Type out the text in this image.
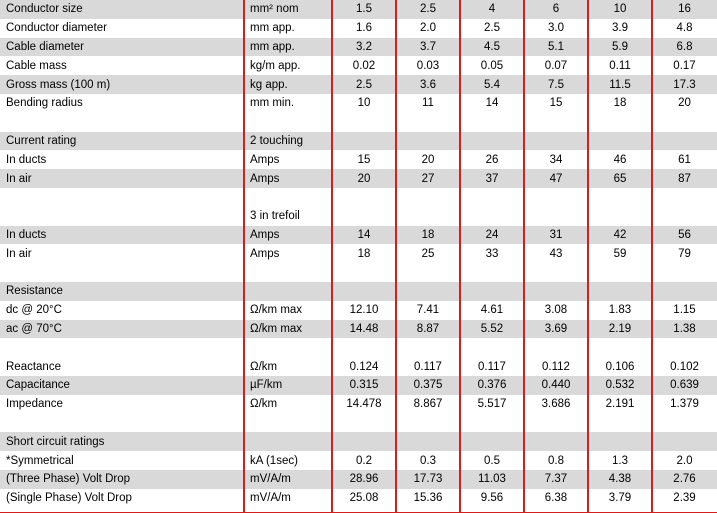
Conductor size	mm² nom	1.5	2.5	4	6	10	16
Conductor diameter	mm app.	1.6	2.0	2.5	3.0	3.9	4.8
Cable diameter	mm app.	3.2	3.7	4.5	5.1	5.9	6.8
Cable mass	kg/m app.	0.02	0.03	0.05	0.07	0.11	0.17
Gross mass (100 m)	kg app.	2.5	3.6	5.4	7.5	11.5	17.3
Bending radius	mm min.	10	11	14	15	18	20

Current rating	2 touching						
In ducts	Amps	15	20	26	34	46	61
In air	Amps	20	27	37	47	65	87

	3 in trefoil						
In ducts	Amps	14	18	24	31	42	56
In air	Amps	18	25	33	43	59	79

Resistance							
dc @ 20°C	Ω/km max	12.10	7.41	4.61	3.08	1.83	1.15
ac @ 70°C	Ω/km max	14.48	8.87	5.52	3.69	2.19	1.38

Reactance	Ω/km	0.124	0.117	0.117	0.112	0.106	0.102
Capacitance	µF/km	0.315	0.375	0.376	0.440	0.532	0.639
Impedance	Ω/km	14.478	8.867	5.517	3.686	2.191	1.379

Short circuit ratings							
*Symmetrical	kA (1sec)	0.2	0.3	0.5	0.8	1.3	2.0
(Three Phase) Volt Drop	mV/A/m	28.96	17.73	11.03	7.37	4.38	2.76
(Single Phase) Volt Drop	mV/A/m	25.08	15.36	9.56	6.38	3.79	2.39
